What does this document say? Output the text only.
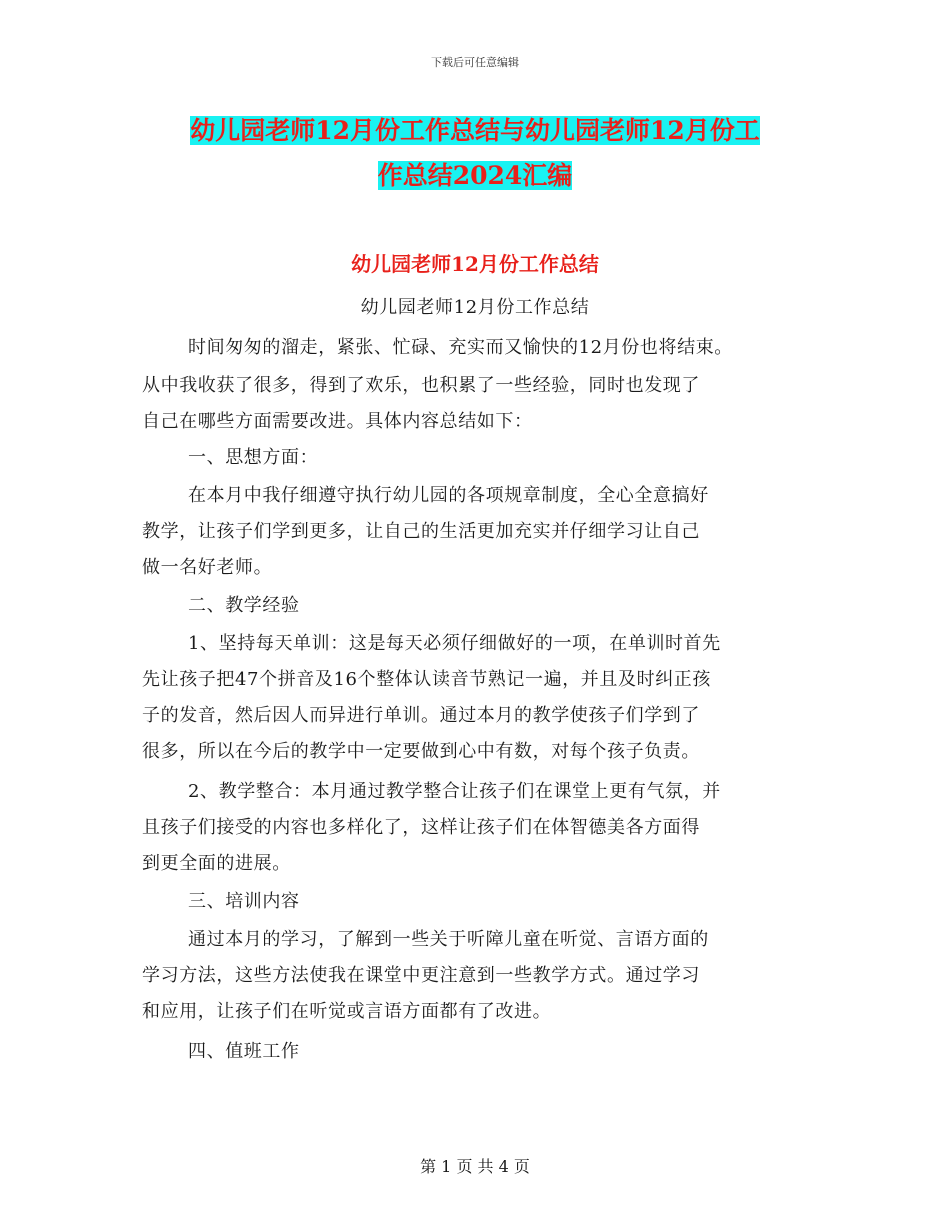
下载后可任意编辑
幼儿园老师12月份工作总结与幼儿园老师12月份工
作总结2024汇编
幼儿园老师12月份工作总结
幼儿园老师12月份工作总结
时间匆匆的溜走，紧张、忙碌、充实而又愉快的12月份也将结束。
从中我收获了很多，得到了欢乐，也积累了一些经验，同时也发现了
自己在哪些方面需要改进。具体内容总结如下：
一、思想方面：
在本月中我仔细遵守执行幼儿园的各项规章制度，全心全意搞好
教学，让孩子们学到更多，让自己的生活更加充实并仔细学习让自己
做一名好老师。
二、教学经验
1、坚持每天单训：这是每天必须仔细做好的一项，在单训时首先
先让孩子把47个拼音及16个整体认读音节熟记一遍，并且及时纠正孩
子的发音，然后因人而异进行单训。通过本月的教学使孩子们学到了
很多，所以在今后的教学中一定要做到心中有数，对每个孩子负责。
2、教学整合：本月通过教学整合让孩子们在课堂上更有气氛，并
且孩子们接受的内容也多样化了，这样让孩子们在体智德美各方面得
到更全面的进展。
三、培训内容
通过本月的学习，了解到一些关于听障儿童在听觉、言语方面的
学习方法，这些方法使我在课堂中更注意到一些教学方式。通过学习
和应用，让孩子们在听觉或言语方面都有了改进。
四、值班工作
第 1 页 共 4 页
